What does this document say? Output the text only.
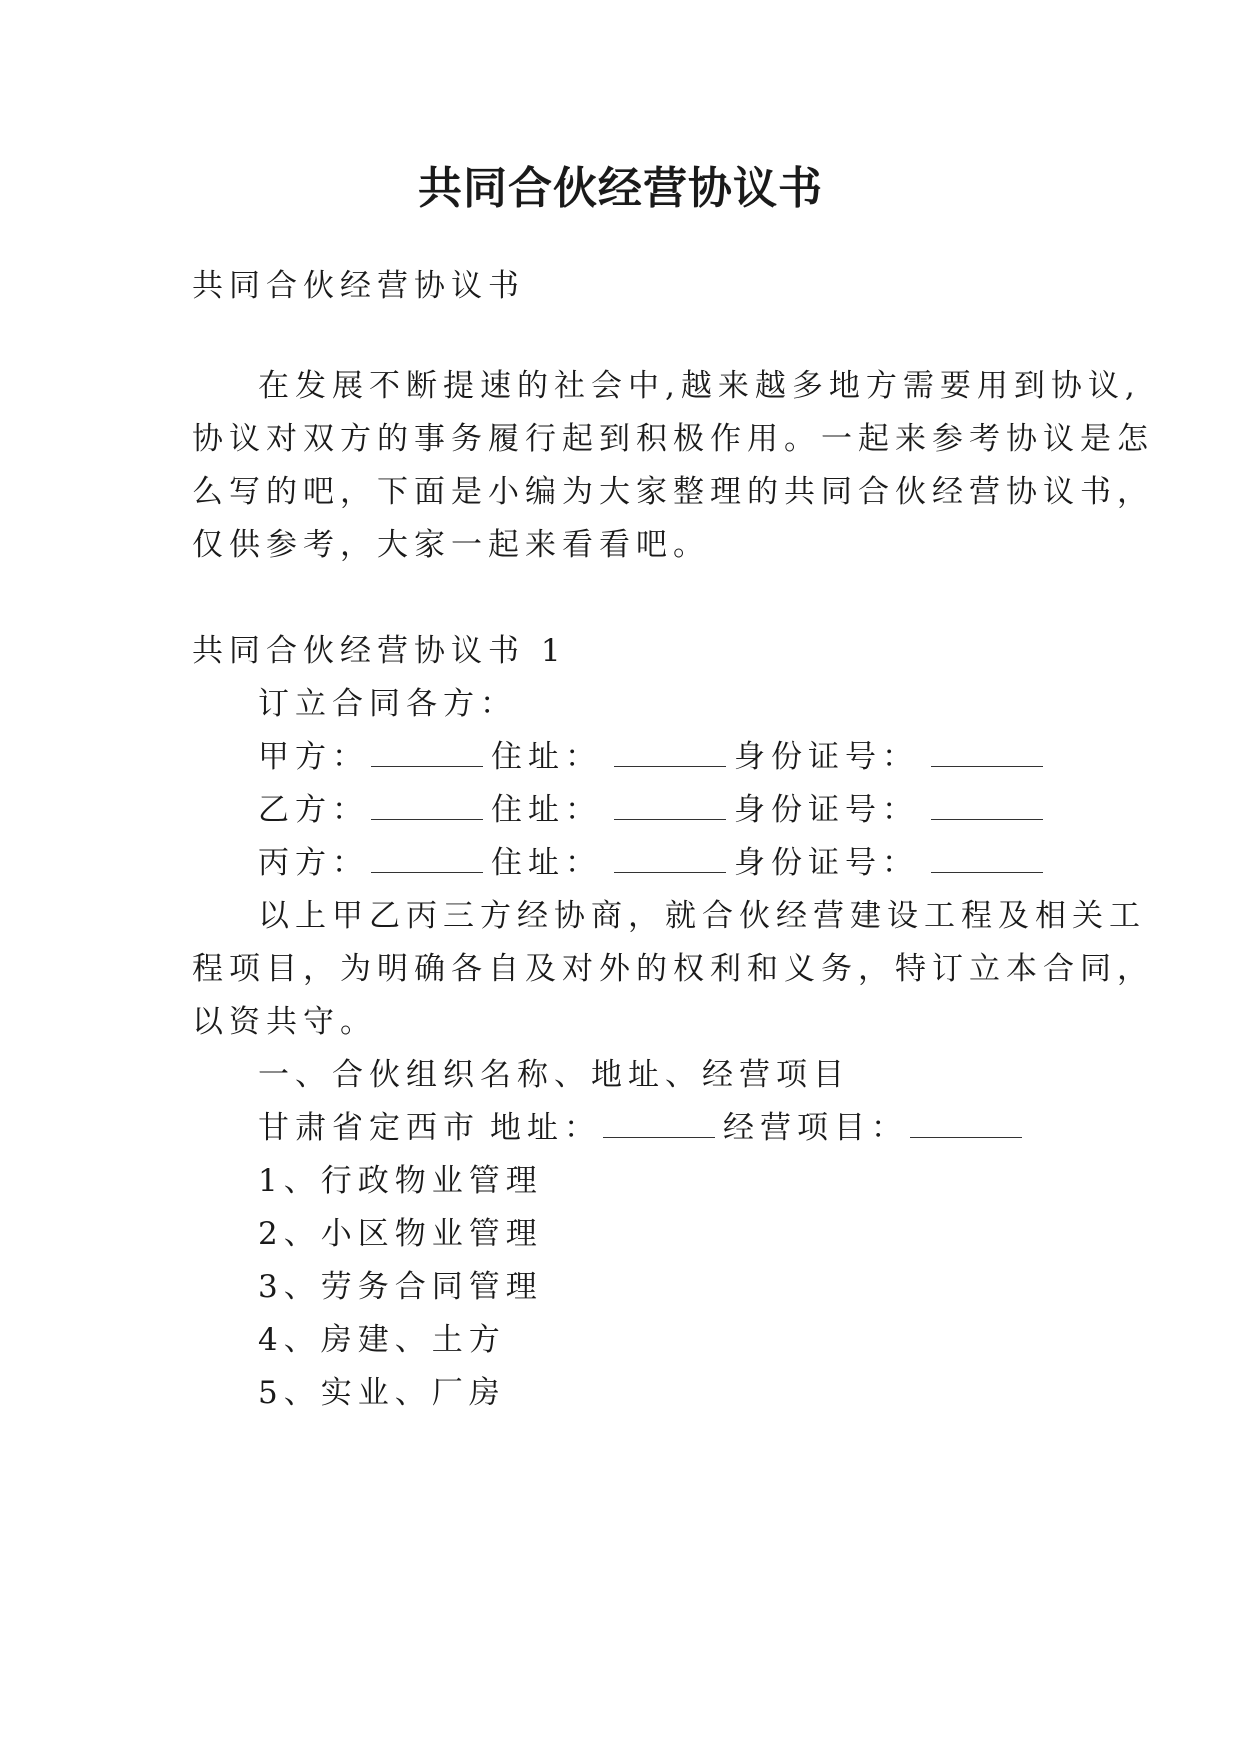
共同合伙经营协议书
共同合伙经营协议书
在发展不断提速的社会中,越来越多地方需要用到协议,
协议对双方的事务履行起到积极作用。一起来参考协议是怎
么写的吧，下面是小编为大家整理的共同合伙经营协议书，
仅供参考，大家一起来看看吧。
共同合伙经营协议书 1
订立合同各方：
甲方：	住址：	身份证号：
乙方：	住址：	身份证号：
丙方：	住址：	身份证号：
以上甲乙丙三方经协商，就合伙经营建设工程及相关工
程项目，为明确各自及对外的权利和义务，特订立本合同，
以资共守。
一、合伙组织名称、地址、经营项目
甘肃省定西市 地址：	经营项目：
1、行政物业管理
2、小区物业管理
3、劳务合同管理
4、房建、土方
5、实业、厂房
